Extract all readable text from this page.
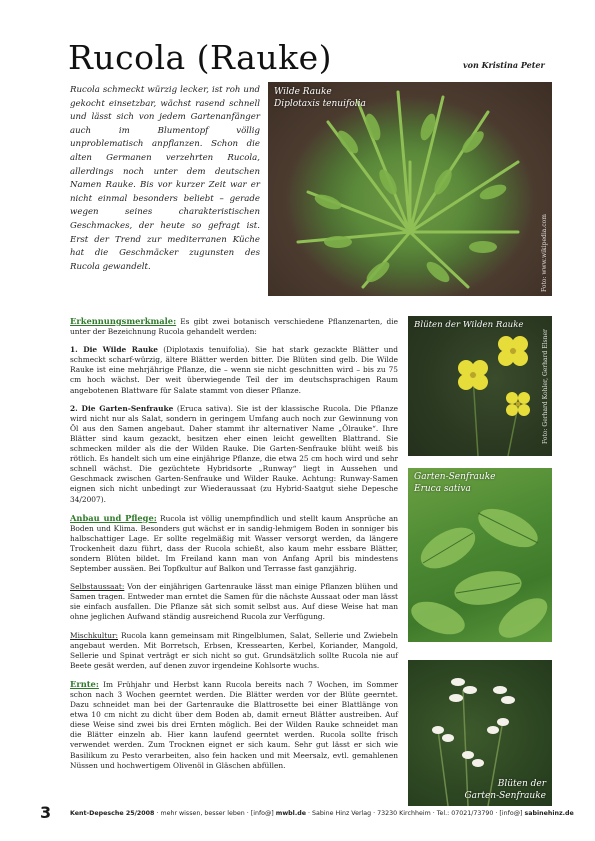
Rucola (Rauke)	von Kristina Peter
Rucola schmeckt würzig lecker, ist roh und gekocht einsetzbar, wächst rasend schnell und lässt sich von jedem Gartenanfänger auch im Blumentopf völlig unproblematisch anpflanzen. Schon die alten Germanen verzehrten Rucola, allerdings noch unter dem deutschen Namen Rauke. Bis vor kurzer Zeit war er nicht einmal besonders beliebt – gerade wegen seines charakteristischen Geschmackes, der heute so gefragt ist. Erst der Trend zur mediterranen Küche hat die Geschmäcker zugunsten des Rucola gewandelt.
Wilde Rauke
Diplotaxis tenuifolia
Foto: www.wikipedia.com
Blüten der Wilden Rauke
Foto: Gerhard Kohler, Gerhard Elsner
Garten-Senfrauke
Eruca sativa
Blüten der
Garten-Senfrauke

Erkennungsmerkmale: Es gibt zwei botanisch verschiedene Pflanzenarten, die unter der Bezeichnung Rucola gehandelt werden:

1. Die Wilde Rauke (Diplotaxis tenuifolia). Sie hat stark gezackte Blätter und schmeckt scharf-würzig, ältere Blätter werden bitter. Die Blüten sind gelb. Die Wilde Rauke ist eine mehrjährige Pflanze, die – wenn sie nicht geschnitten wird – bis zu 75 cm hoch wächst. Der weit überwiegende Teil der im deutschsprachigen Raum angebotenen Blattware für Salate stammt von dieser Pflanze.

2. Die Garten-Senfrauke (Eruca sativa). Sie ist der klassische Rucola. Die Pflanze wird nicht nur als Salat, sondern in geringem Umfang auch noch zur Gewinnung von Öl aus den Samen angebaut. Daher stammt ihr alternativer Name „Ölrauke“. Ihre Blätter sind kaum gezackt, besitzen eher einen leicht gewellten Blattrand. Sie schmecken milder als die der Wilden Rauke. Die Garten-Senfrauke blüht weiß bis rötlich. Es handelt sich um eine einjährige Pflanze, die etwa 25 cm hoch wird und sehr schnell wächst. Die gezüchtete Hybridsorte „Runway“ liegt in Aussehen und Geschmack zwischen Garten-Senfrauke und Wilder Rauke. Achtung: Runway-Samen eignen sich nicht unbedingt zur Wiederaussaat (zu Hybrid-Saatgut siehe Depesche 34/2007).

Anbau und Pflege: Rucola ist völlig unempfindlich und stellt kaum Ansprüche an Boden und Klima. Besonders gut wächst er in sandig-lehmigem Boden in sonniger bis halbschattiger Lage. Er sollte regelmäßig mit Wasser versorgt werden, da längere Trockenheit dazu führt, dass der Rucola schießt, also kaum mehr essbare Blätter, sondern Blüten bildet. Im Freiland kann man von Anfang April bis mindestens September aussäen. Bei Topfkultur auf Balkon und Terrasse fast ganzjährig.

Selbstaussaat: Von der einjährigen Gartenrauke lässt man einige Pflanzen blühen und Samen tragen. Entweder man erntet die Samen für die nächste Aussaat oder man lässt sie einfach ausfallen. Die Pflanze sät sich somit selbst aus. Auf diese Weise hat man ohne jeglichen Aufwand ständig ausreichend Rucola zur Verfügung.

Mischkultur: Rucola kann gemeinsam mit Ringelblumen, Salat, Sellerie und Zwiebeln angebaut werden. Mit Borretsch, Erbsen, Kressearten, Kerbel, Koriander, Mangold, Sellerie und Spinat verträgt er sich nicht so gut. Grundsätzlich sollte Rucola nie auf Beete gesät werden, auf denen zuvor irgendeine Kohlsorte wuchs.

Ernte: Im Frühjahr und Herbst kann Rucola bereits nach 7 Wochen, im Sommer schon nach 3 Wochen geerntet werden. Die Blätter werden vor der Blüte geerntet. Dazu schneidet man bei der Gartenrauke die Blattrosette bei einer Blattlänge von etwa 10 cm nicht zu dicht über dem Boden ab, damit erneut Blätter austreiben. Auf diese Weise sind zwei bis drei Ernten möglich. Bei der Wilden Rauke schneidet man die Blätter einzeln ab. Hier kann laufend geerntet werden. Rucola sollte frisch verwendet werden. Zum Trocknen eignet er sich kaum. Sehr gut lässt er sich wie Basilikum zu Pesto verarbeiten, also fein hacken und mit Meersalz, evtl. gemahlenen Nüssen und hochwertigem Olivenöl in Gläschen abfüllen.

3	Kent-Depesche 25/2008 · mehr wissen, besser leben · [info@] mwbl.de · Sabine Hinz Verlag · 73230 Kirchheim · Tel.: 07021/73790 · [info@] sabinehinz.de
